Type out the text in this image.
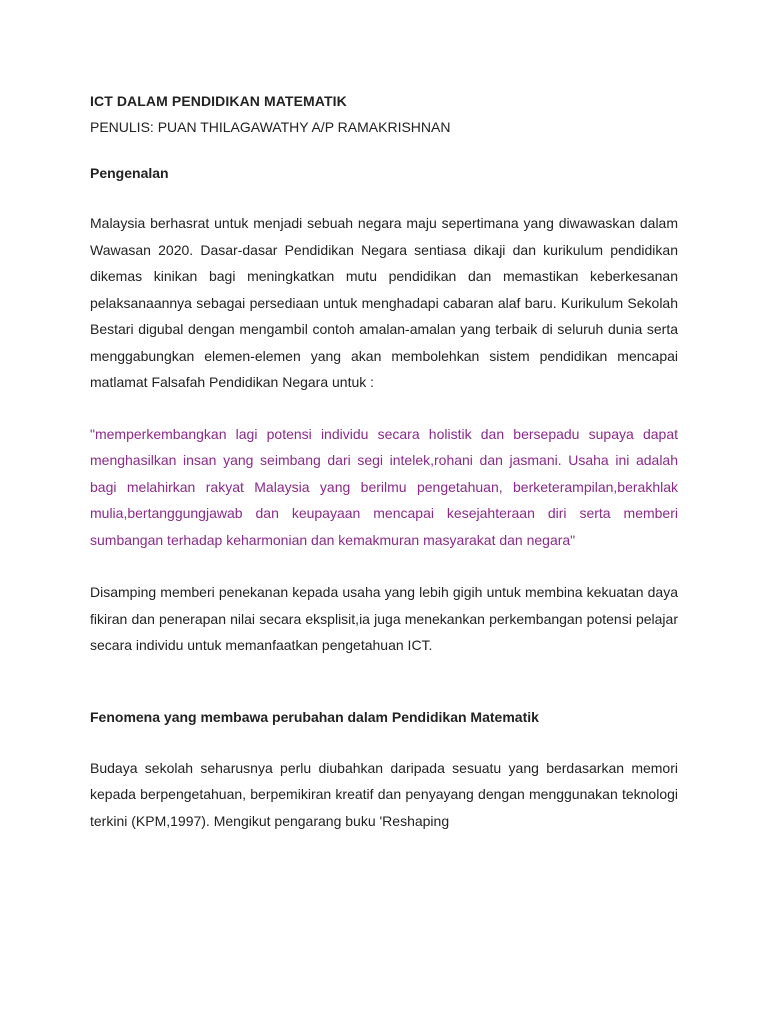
ICT DALAM PENDIDIKAN MATEMATIK

PENULIS: PUAN THILAGAWATHY A/P RAMAKRISHNAN

Pengenalan

Malaysia berhasrat untuk menjadi sebuah negara maju sepertimana yang diwawaskan dalam Wawasan 2020. Dasar-dasar Pendidikan Negara sentiasa dikaji dan kurikulum pendidikan dikemas kinikan bagi meningkatkan mutu pendidikan dan memastikan keberkesanan pelaksanaannya sebagai persediaan untuk menghadapi cabaran alaf baru. Kurikulum Sekolah Bestari digubal dengan mengambil contoh amalan-amalan yang terbaik di seluruh dunia serta menggabungkan elemen-elemen yang akan membolehkan sistem pendidikan mencapai matlamat Falsafah Pendidikan Negara untuk :

"memperkembangkan lagi potensi individu secara holistik dan bersepadu supaya dapat menghasilkan insan yang seimbang dari segi intelek,rohani dan jasmani. Usaha ini adalah bagi melahirkan rakyat Malaysia yang berilmu pengetahuan, berketerampilan,berakhlak mulia,bertanggungjawab dan keupayaan mencapai kesejahteraan diri serta memberi sumbangan terhadap keharmonian dan kemakmuran masyarakat dan negara"

Disamping memberi penekanan kepada usaha yang lebih gigih untuk membina kekuatan daya fikiran dan penerapan nilai secara eksplisit,ia juga menekankan perkembangan potensi pelajar secara individu untuk memanfaatkan pengetahuan ICT.

Fenomena yang membawa perubahan dalam Pendidikan Matematik

Budaya sekolah seharusnya perlu diubahkan daripada sesuatu yang berdasarkan memori kepada berpengetahuan, berpemikiran kreatif dan penyayang dengan menggunakan teknologi terkini (KPM,1997). Mengikut pengarang buku 'Reshaping
